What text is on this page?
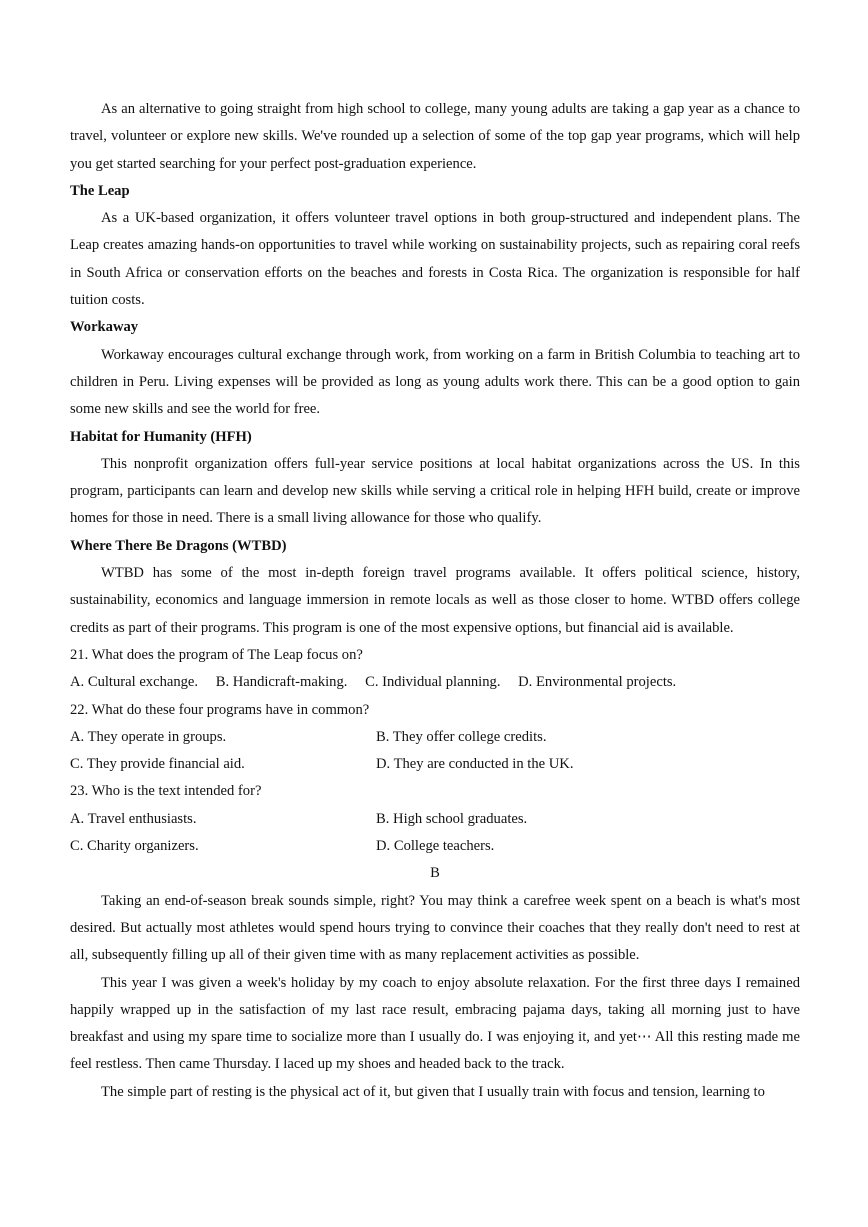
As an alternative to going straight from high school to college, many young adults are taking a gap year as a chance to travel, volunteer or explore new skills. We've rounded up a selection of some of the top gap year programs, which will help you get started searching for your perfect post-graduation experience.

The Leap

As a UK-based organization, it offers volunteer travel options in both group-structured and independent plans. The Leap creates amazing hands-on opportunities to travel while working on sustainability projects, such as repairing coral reefs in South Africa or conservation efforts on the beaches and forests in Costa Rica. The organization is responsible for half tuition costs.

Workaway

Workaway encourages cultural exchange through work, from working on a farm in British Columbia to teaching art to children in Peru. Living expenses will be provided as long as young adults work there. This can be a good option to gain some new skills and see the world for free.

Habitat for Humanity (HFH)

This nonprofit organization offers full-year service positions at local habitat organizations across the US. In this program, participants can learn and develop new skills while serving a critical role in helping HFH build, create or improve homes for those in need. There is a small living allowance for those who qualify.

Where There Be Dragons (WTBD)

WTBD has some of the most in-depth foreign travel programs available. It offers political science, history, sustainability, economics and language immersion in remote locals as well as those closer to home. WTBD offers college credits as part of their programs. This program is one of the most expensive options, but financial aid is available.

21. What does the program of The Leap focus on?

A. Cultural exchange. B. Handicraft-making. C. Individual planning. D. Environmental projects.

22. What do these four programs have in common?

A. They operate in groups.	B. They offer college credits.

C. They provide financial aid.	D. They are conducted in the UK.

23. Who is the text intended for?

A. Travel enthusiasts.	B. High school graduates.

C. Charity organizers.	D. College teachers.

B

Taking an end-of-season break sounds simple, right? You may think a carefree week spent on a beach is what's most desired. But actually most athletes would spend hours trying to convince their coaches that they really don't need to rest at all, subsequently filling up all of their given time with as many replacement activities as possible.

This year I was given a week's holiday by my coach to enjoy absolute relaxation. For the first three days I remained happily wrapped up in the satisfaction of my last race result, embracing pajama days, taking all morning just to have breakfast and using my spare time to socialize more than I usually do. I was enjoying it, and yet⋯ All this resting made me feel restless. Then came Thursday. I laced up my shoes and headed back to the track.

The simple part of resting is the physical act of it, but given that I usually train with focus and tension, learning to
